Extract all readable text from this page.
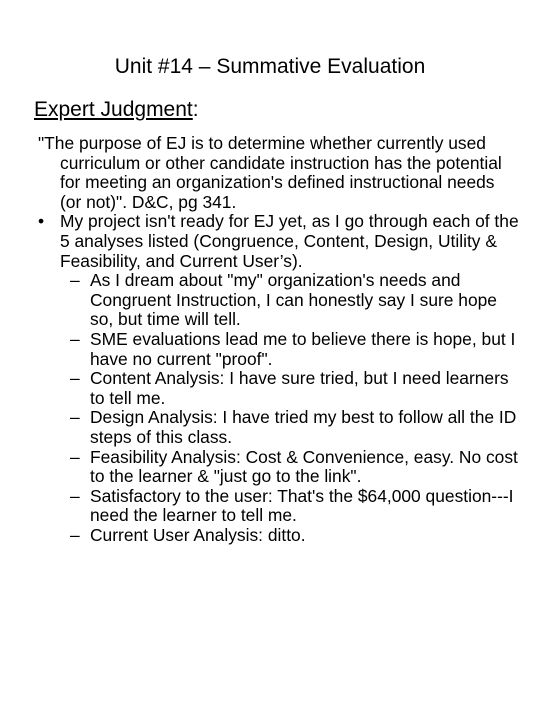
Unit #14 – Summative Evaluation
Expert Judgment:

"The purpose of EJ is to determine whether currently used curriculum or other candidate instruction has the potential for meeting an organization's defined instructional needs (or not)". D&C, pg 341.

• My project isn't ready for EJ yet, as I go through each of the 5 analyses listed (Congruence, Content, Design, Utility & Feasibility, and Current User’s).

– As I dream about "my" organization's needs and Congruent Instruction, I can honestly say I sure hope so, but time will tell.

– SME evaluations lead me to believe there is hope, but I have no current "proof".

– Content Analysis: I have sure tried, but I need learners to tell me.

– Design Analysis: I have tried my best to follow all the ID steps of this class.

– Feasibility Analysis: Cost & Convenience, easy. No cost to the learner & "just go to the link".

– Satisfactory to the user: That's the $64,000 question---I need the learner to tell me.

– Current User Analysis: ditto.
